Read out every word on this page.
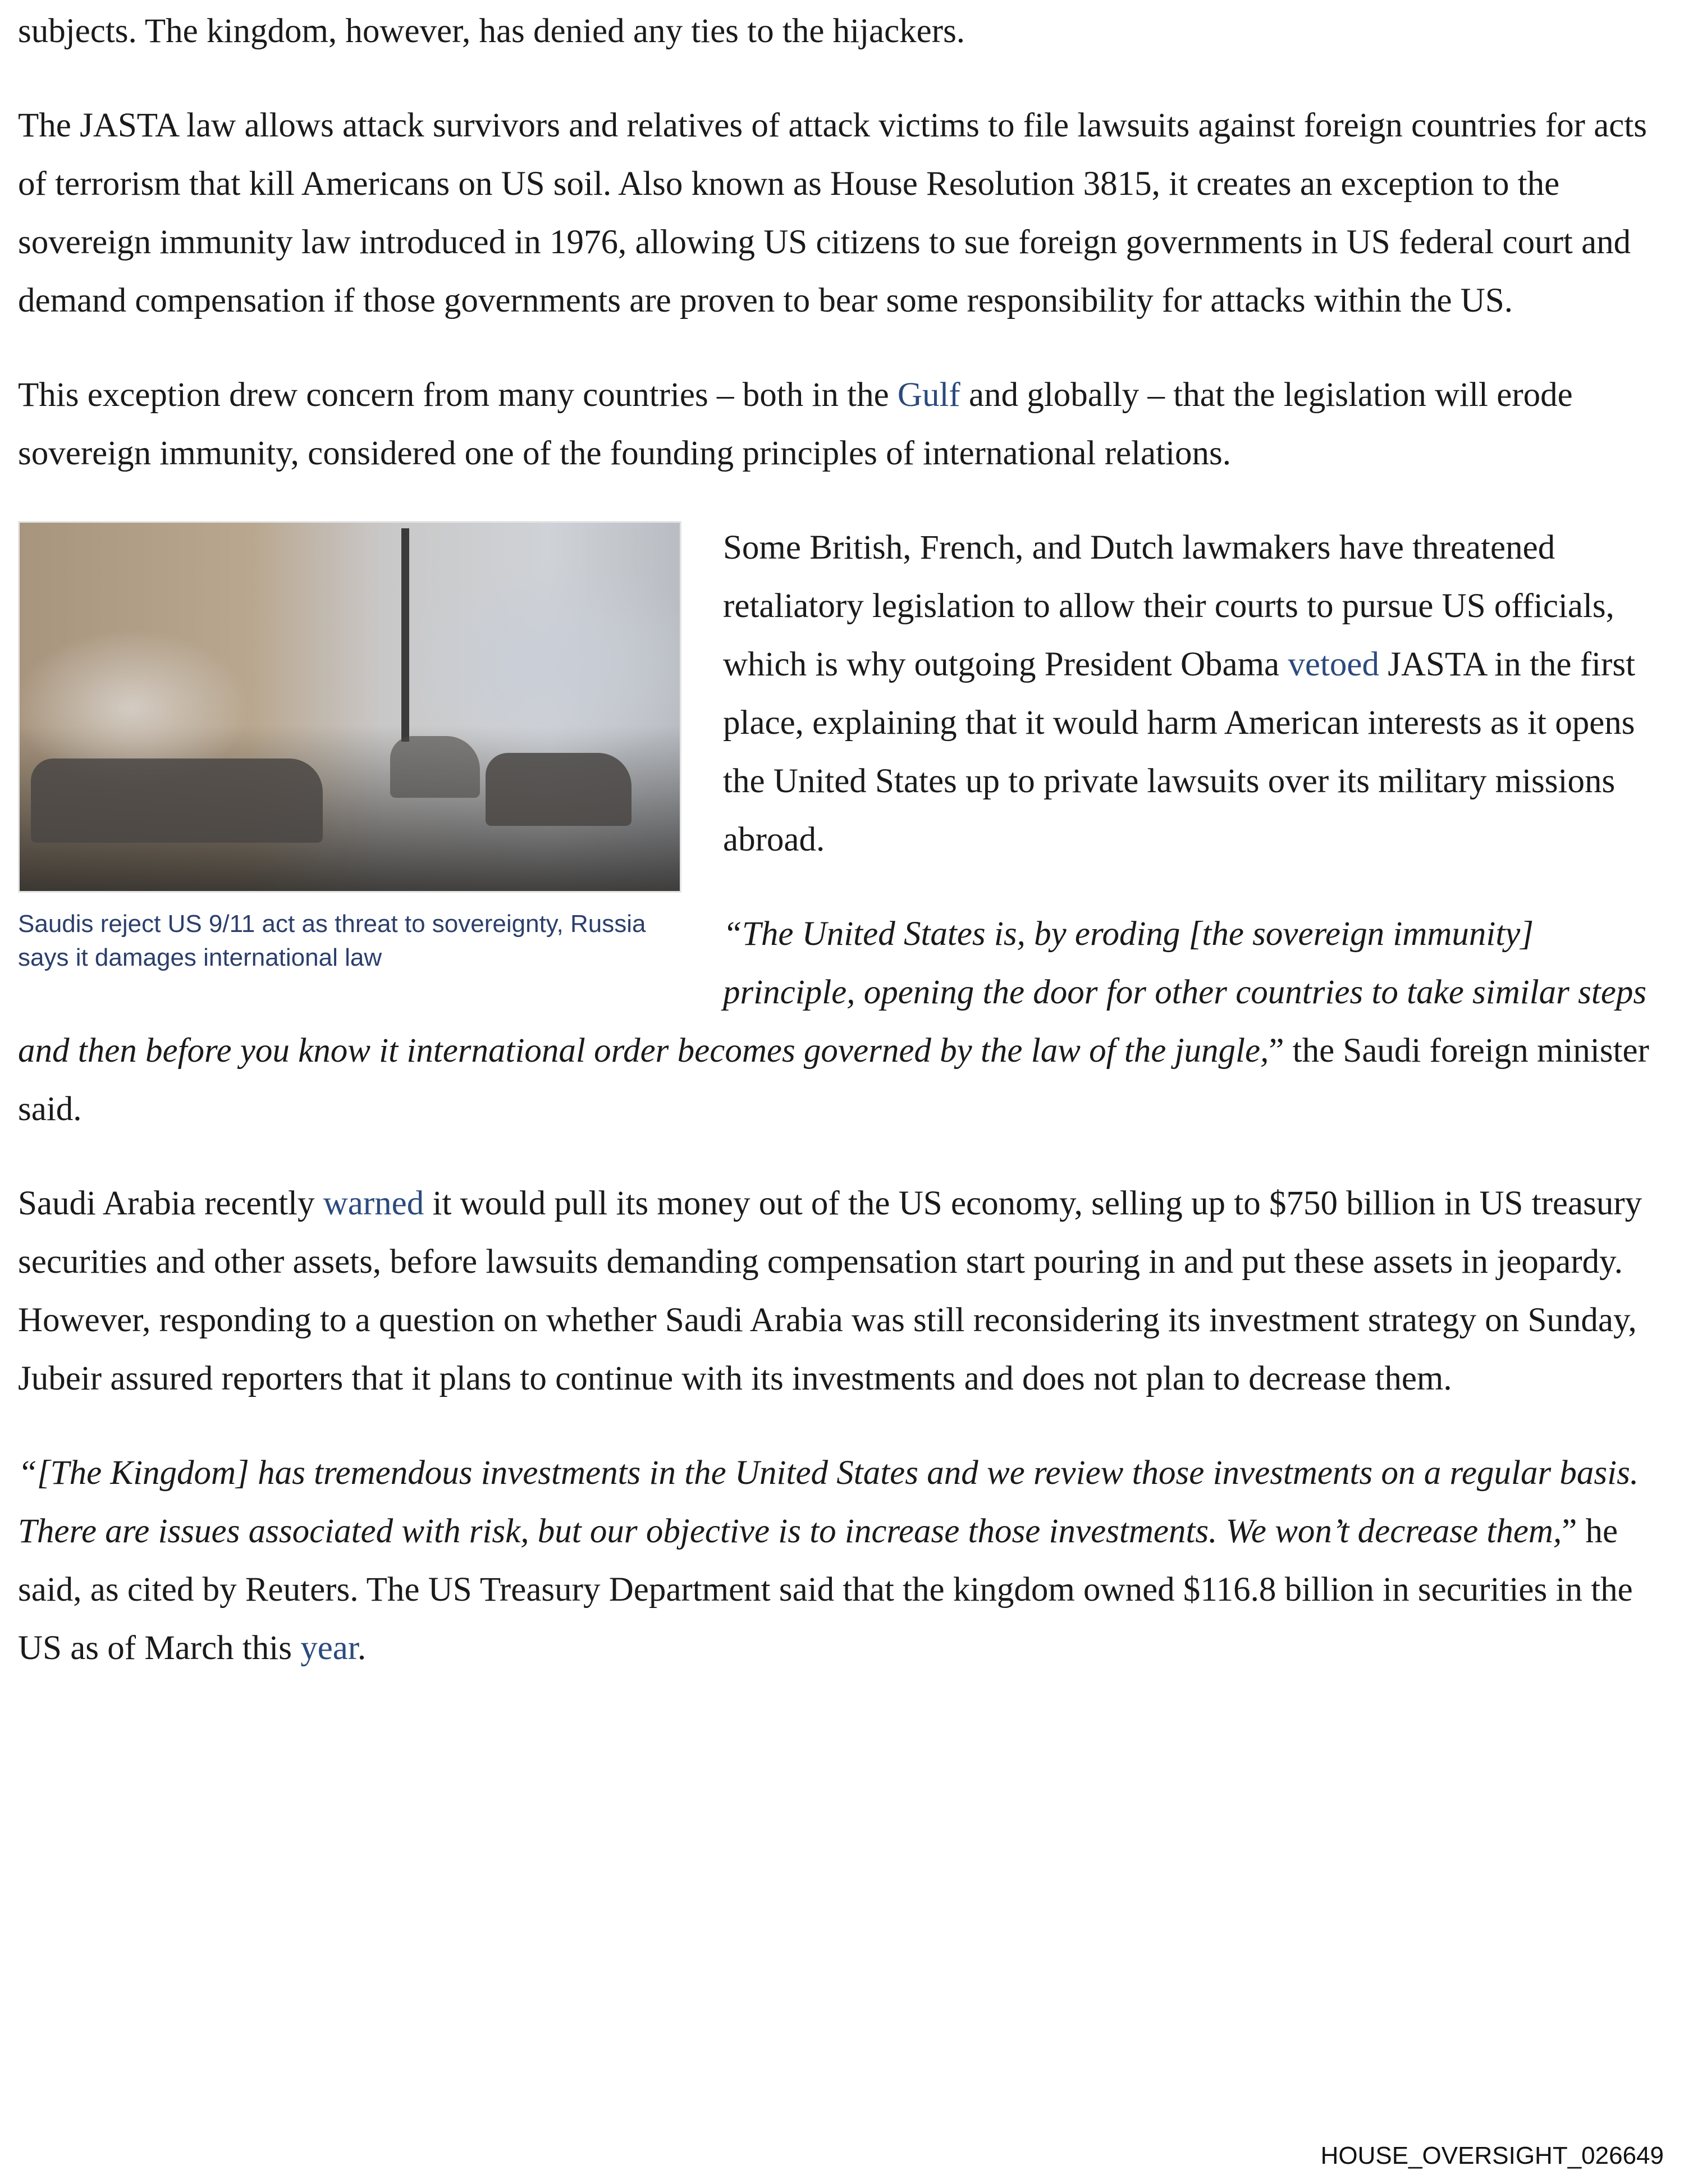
subjects. The kingdom, however, has denied any ties to the hijackers.

The JASTA law allows attack survivors and relatives of attack victims to file lawsuits against foreign countries for acts of terrorism that kill Americans on US soil. Also known as House Resolution 3815, it creates an exception to the sovereign immunity law introduced in 1976, allowing US citizens to sue foreign governments in US federal court and demand compensation if those governments are proven to bear some responsibility for attacks within the US.

This exception drew concern from many countries – both in the Gulf and globally – that the legislation will erode sovereign immunity, considered one of the founding principles of international relations.

Saudis reject US 9/11 act as threat to sovereignty, Russia says it damages international law

Some British, French, and Dutch lawmakers have threatened retaliatory legislation to allow their courts to pursue US officials, which is why outgoing President Obama vetoed JASTA in the first place, explaining that it would harm American interests as it opens the United States up to private lawsuits over its military missions abroad.

“The United States is, by eroding [the sovereign immunity] principle, opening the door for other countries to take similar steps and then before you know it international order becomes governed by the law of the jungle,” the Saudi foreign minister said.

Saudi Arabia recently warned it would pull its money out of the US economy, selling up to $750 billion in US treasury securities and other assets, before lawsuits demanding compensation start pouring in and put these assets in jeopardy. However, responding to a question on whether Saudi Arabia was still reconsidering its investment strategy on Sunday, Jubeir assured reporters that it plans to continue with its investments and does not plan to decrease them.

“[The Kingdom] has tremendous investments in the United States and we review those investments on a regular basis. There are issues associated with risk, but our objective is to increase those investments. We won’t decrease them,” he said, as cited by Reuters. The US Treasury Department said that the kingdom owned $116.8 billion in securities in the US as of March this year.

HOUSE_OVERSIGHT_026649
